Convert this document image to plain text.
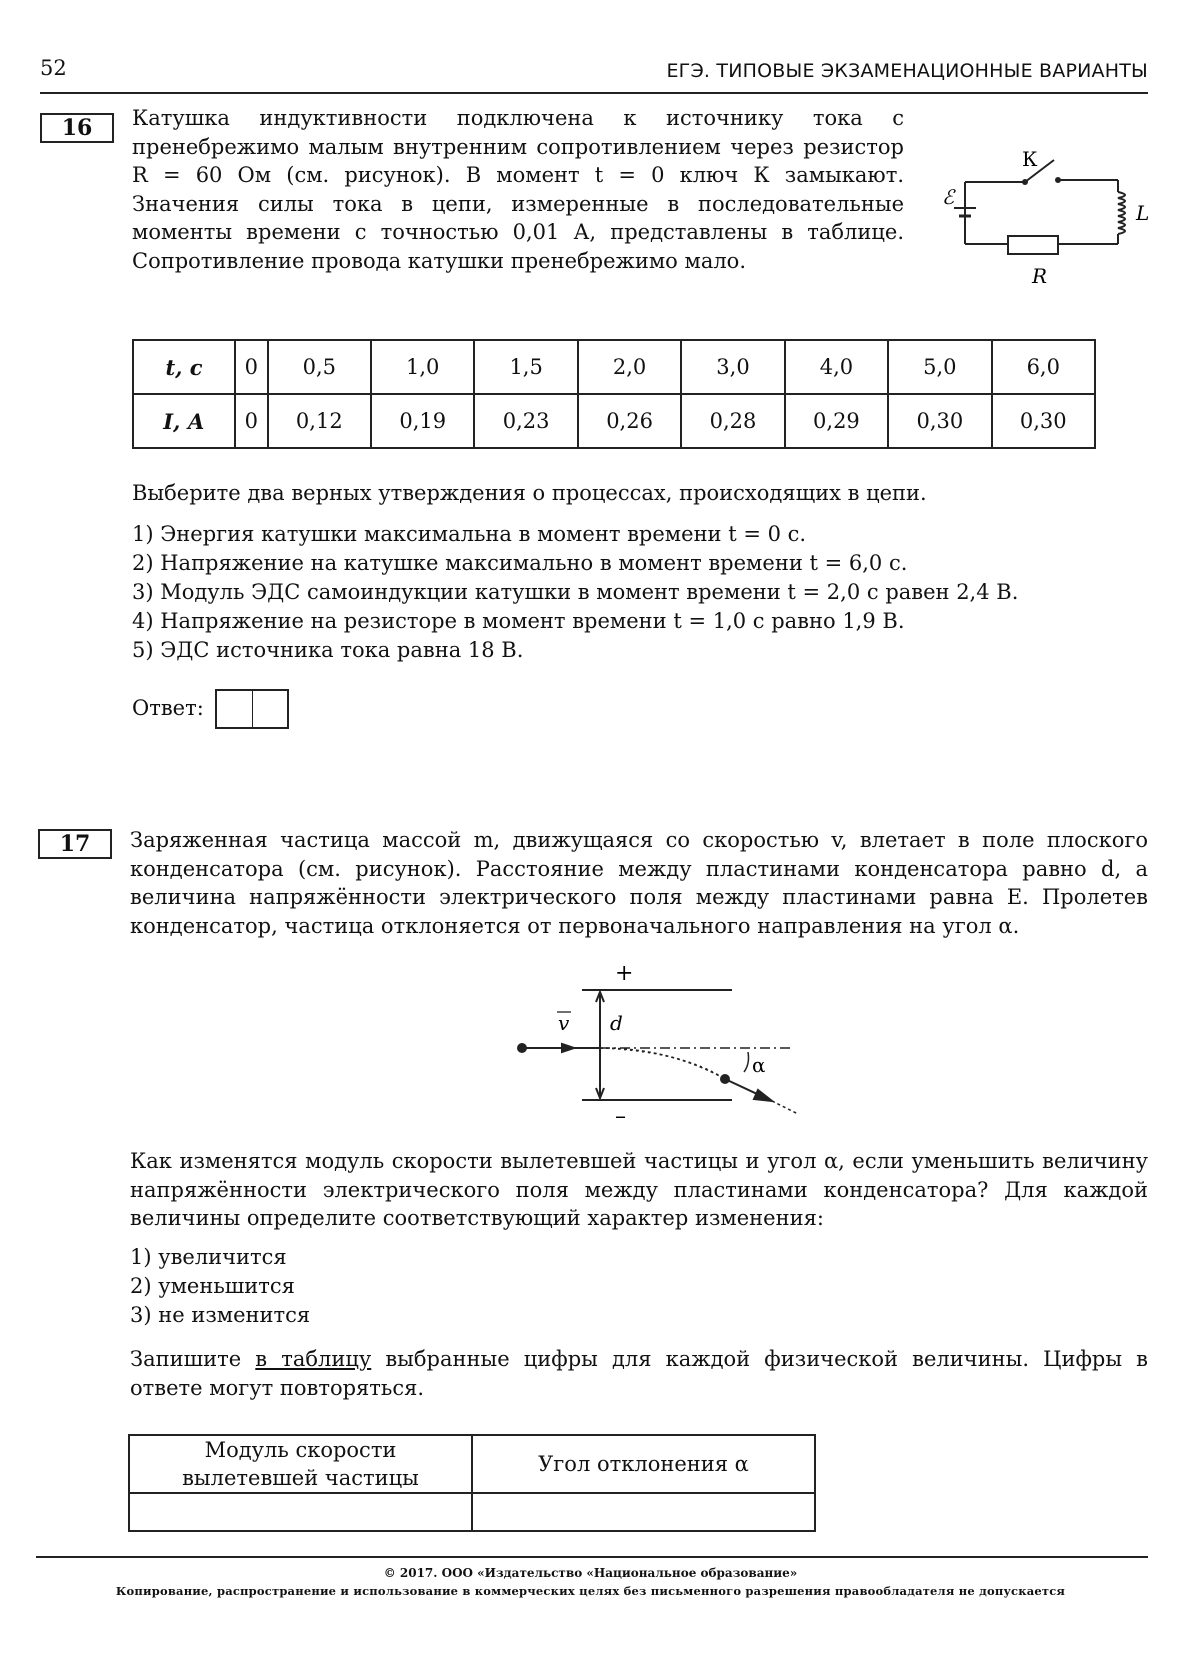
52	ЕГЭ. ТИПОВЫЕ ЭКЗАМЕНАЦИОННЫЕ ВАРИАНТЫ
16 Катушка индуктивности подключена к источнику тока с пренебрежимо малым внутренним сопротивлением через резистор R = 60 Ом (см. рисунок). В момент t = 0 ключ К замыкают. Значения силы тока в цепи, измеренные в последовательные моменты времени с точностью 0,01 А, представлены в таблице. Сопротивление провода катушки пренебрежимо мало.
К
ℰ
L
R
t, с	0	0,5	1,0	1,5	2,0	3,0	4,0	5,0	6,0
I, А	0	0,12	0,19	0,23	0,26	0,28	0,29	0,30	0,30
Выберите два верных утверждения о процессах, происходящих в цепи.
1) Энергия катушки максимальна в момент времени t = 0 с.
2) Напряжение на катушке максимально в момент времени t = 6,0 с.
3) Модуль ЭДС самоиндукции катушки в момент времени t = 2,0 с равен 2,4 В.
4) Напряжение на резисторе в момент времени t = 1,0 с равно 1,9 В.
5) ЭДС источника тока равна 18 В.
Ответ:
17 Заряженная частица массой m, движущаяся со скоростью v, влетает в поле плоского конденсатора (см. рисунок). Расстояние между пластинами конденсатора равно d, а величина напряжённости электрического поля между пластинами равна E. Пролетев конденсатор, частица отклоняется от первоначального направления на угол α.
+
–
v d
α
Как изменятся модуль скорости вылетевшей частицы и угол α, если уменьшить величину напряжённости электрического поля между пластинами конденсатора? Для каждой величины определите соответствующий характер изменения:
1) увеличится
2) уменьшится
3) не изменится
Запишите в таблицу выбранные цифры для каждой физической величины. Цифры в ответе могут повторяться.
Модуль скорости
вылетевшей частицы	Угол отклонения α

© 2017. ООО «Издательство «Национальное образование»
Копирование, распространение и использование в коммерческих целях без письменного разрешения правообладателя не допускается
